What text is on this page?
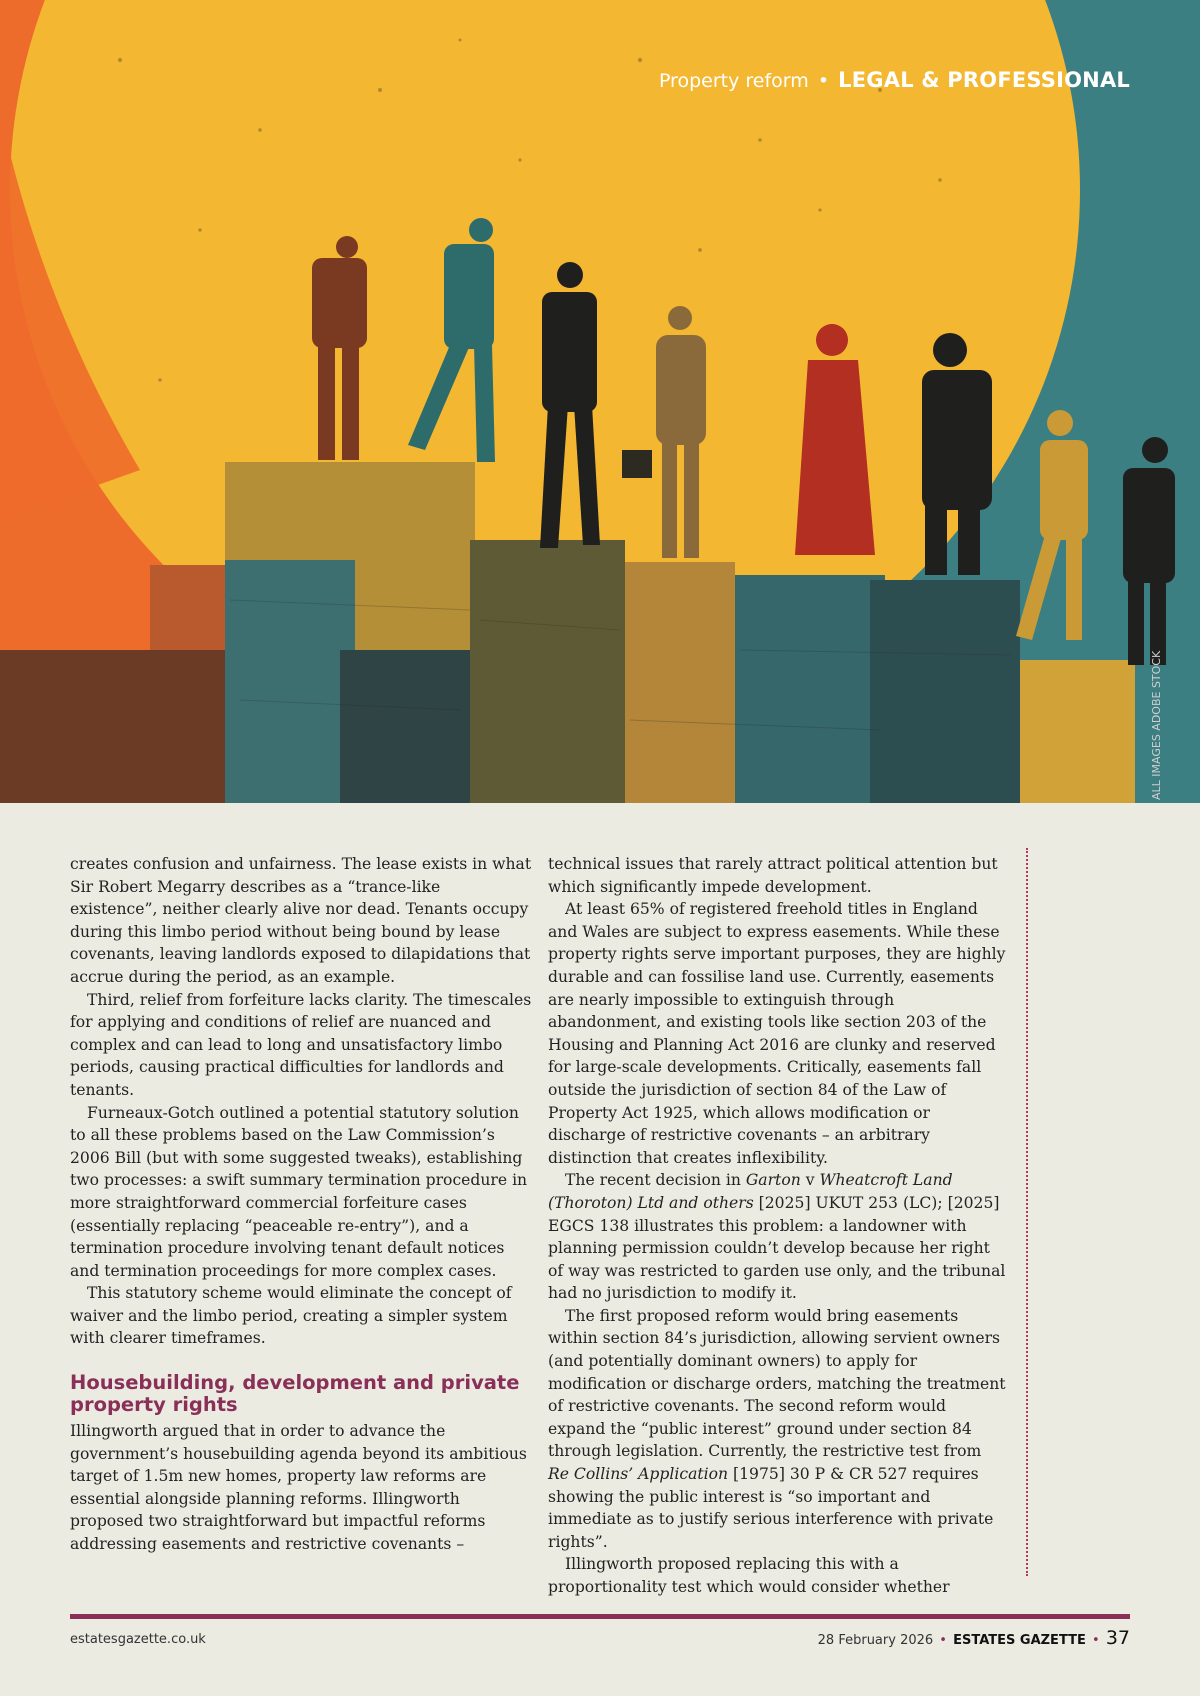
Property reform • LEGAL & PROFESSIONAL
ALL IMAGES ADOBE STOCK

creates confusion and unfairness. The lease exists in what Sir Robert Megarry describes as a “trance-like existence”, neither clearly alive nor dead. Tenants occupy during this limbo period without being bound by lease covenants, leaving landlords exposed to dilapidations that accrue during the period, as an example.

Third, relief from forfeiture lacks clarity. The timescales for applying and conditions of relief are nuanced and complex and can lead to long and unsatisfactory limbo periods, causing practical difficulties for landlords and tenants.

Furneaux-Gotch outlined a potential statutory solution to all these problems based on the Law Commission’s 2006 Bill (but with some suggested tweaks), establishing two processes: a swift summary termination procedure in more straightforward commercial forfeiture cases (essentially replacing “peaceable re-entry”), and a termination procedure involving tenant default notices and termination proceedings for more complex cases.

This statutory scheme would eliminate the concept of waiver and the limbo period, creating a simpler system with clearer timeframes.

Housebuilding, development and private property rights

Illingworth argued that in order to advance the government’s housebuilding agenda beyond its ambitious target of 1.5m new homes, property law reforms are essential alongside planning reforms. Illingworth proposed two straightforward but impactful reforms addressing easements and restrictive covenants –

technical issues that rarely attract political attention but which significantly impede development.

At least 65% of registered freehold titles in England and Wales are subject to express easements. While these property rights serve important purposes, they are highly durable and can fossilise land use. Currently, easements are nearly impossible to extinguish through abandonment, and existing tools like section 203 of the Housing and Planning Act 2016 are clunky and reserved for large-scale developments. Critically, easements fall outside the jurisdiction of section 84 of the Law of Property Act 1925, which allows modification or discharge of restrictive covenants – an arbitrary distinction that creates inflexibility.

The recent decision in Garton v Wheatcroft Land (Thoroton) Ltd and others [2025] UKUT 253 (LC); [2025] EGCS 138 illustrates this problem: a landowner with planning permission couldn’t develop because her right of way was restricted to garden use only, and the tribunal had no jurisdiction to modify it.

The first proposed reform would bring easements within section 84’s jurisdiction, allowing servient owners (and potentially dominant owners) to apply for modification or discharge orders, matching the treatment of restrictive covenants. The second reform would expand the “public interest” ground under section 84 through legislation. Currently, the restrictive test from Re Collins’ Application [1975] 30 P & CR 527 requires showing the public interest is “so important and immediate as to justify serious interference with private rights”.

Illingworth proposed replacing this with a proportionality test which would consider whether

estatesgazette.co.uk	28 February 2026 • ESTATES GAZETTE • 37
